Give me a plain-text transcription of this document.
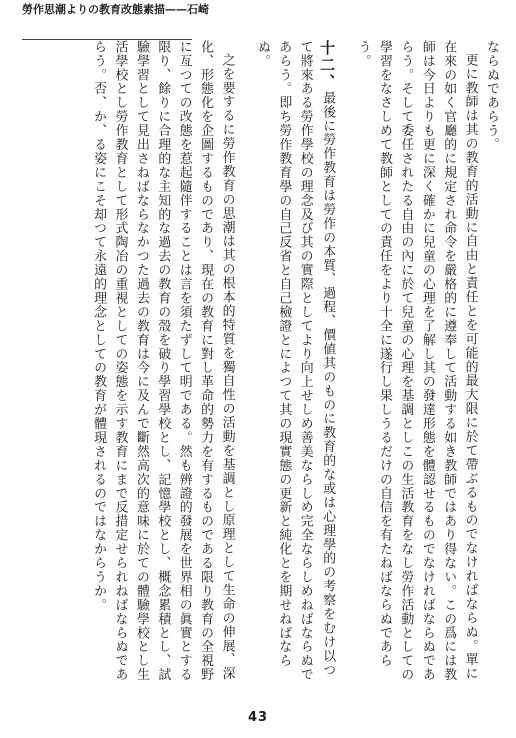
勞作思潮よりの教育改態素描——石崎

ならぬであらう。

更に教師は其の教育的活動に自由と責任とを可能的最大限に於て帶ぶるものでなければならぬ。單に在來の如く官廳的に規定され命令を嚴格的に遵奉して活動する如き教師ではあり得ない。この爲には教師は今日よりも更に深く確かに兒童の心理を了解し其の發達形態を體認せるものでなければならぬであらう。そして委任されたる自由の內に於て兒童の心理を基調としこの生活教育をなし勞作活動としての學習をなさしめて教師としての責任をより十全に遂行し果しうるだけの自信を有たねばならぬであらう。

十二、最後に勞作教育は勞作の本質、過程、價値其のものに教育的な或は心理學的の考察をむけ以つて將來ある勞作學校の理念及び其の實際としてより向上せしめ善美ならしめ完全ならしめねばならぬであらう。即ち勞作教育學の自己反省と自己檢證とによつて其の現實態の更新と純化とを期せねばならぬ。

之を要するに勞作教育の思潮は其の根本的特質を獨自性の活動を基調とし原理として生命の伸展、深化、形態化を企圖するものであり、現在の教育に對し革命的勢力を有するものである限り教育の全視野に亙つての改態を惹起隨伴することは言を須たずして明である。然も辨證的發展を世界相の眞實とする限り、餘りに合理的な主知的な過去の教育の殼を破り學習學校とし、記憶學校とし、概念累積とし、試驗學習として見出さねばならなかつた過去の教育は今に及んで斷然高次的意味に於ての體驗學校とし生活學校とし勞作教育として形式陶冶の重視としての姿態を示す教育にまで反措定せられねばならぬであらう。否、か、る姿にこそ却つて永遠的理念としての教育が體現されるのではなからうか。

43
